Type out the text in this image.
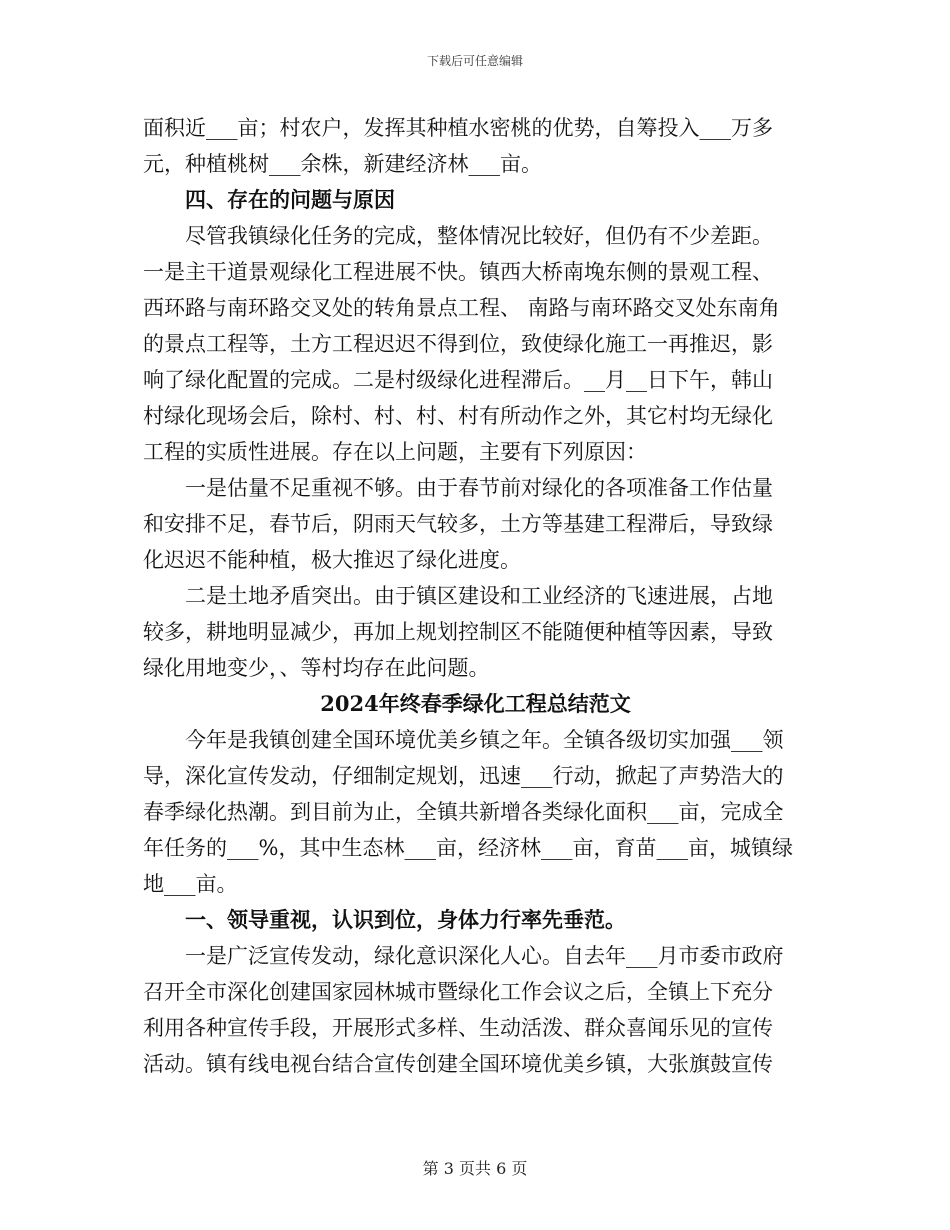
下载后可任意编辑
面积近___亩；村农户，发挥其种植水密桃的优势，自筹投入___万多
元，种植桃树___余株，新建经济林___亩。
四、存在的问题与原因
尽管我镇绿化任务的完成，整体情况比较好，但仍有不少差距。
一是主干道景观绿化工程进展不快。镇西大桥南堍东侧的景观工程、
西环路与南环路交叉处的转角景点工程、 南路与南环路交叉处东南角
的景点工程等，土方工程迟迟不得到位，致使绿化施工一再推迟，影
响了绿化配置的完成。二是村级绿化进程滞后。__月__日下午，韩山
村绿化现场会后，除村、村、村、村有所动作之外，其它村均无绿化
工程的实质性进展。存在以上问题，主要有下列原因：
一是估量不足重视不够。由于春节前对绿化的各项准备工作估量
和安排不足，春节后，阴雨天气较多，土方等基建工程滞后，导致绿
化迟迟不能种植，极大推迟了绿化进度。
二是土地矛盾突出。由于镇区建设和工业经济的飞速进展，占地
较多，耕地明显减少，再加上规划控制区不能随便种植等因素，导致
绿化用地变少，、等村均存在此问题。
2024年终春季绿化工程总结范文
今年是我镇创建全国环境优美乡镇之年。全镇各级切实加强___领
导，深化宣传发动，仔细制定规划，迅速___行动，掀起了声势浩大的
春季绿化热潮。到目前为止，全镇共新增各类绿化面积___亩，完成全
年任务的___%，其中生态林___亩，经济林___亩，育苗___亩，城镇绿
地___亩。
一、领导重视，认识到位，身体力行率先垂范。
一是广泛宣传发动，绿化意识深化人心。自去年___月市委市政府
召开全市深化创建国家园林城市暨绿化工作会议之后，全镇上下充分
利用各种宣传手段，开展形式多样、生动活泼、群众喜闻乐见的宣传
活动。镇有线电视台结合宣传创建全国环境优美乡镇，大张旗鼓宣传
第 3 页共 6 页
